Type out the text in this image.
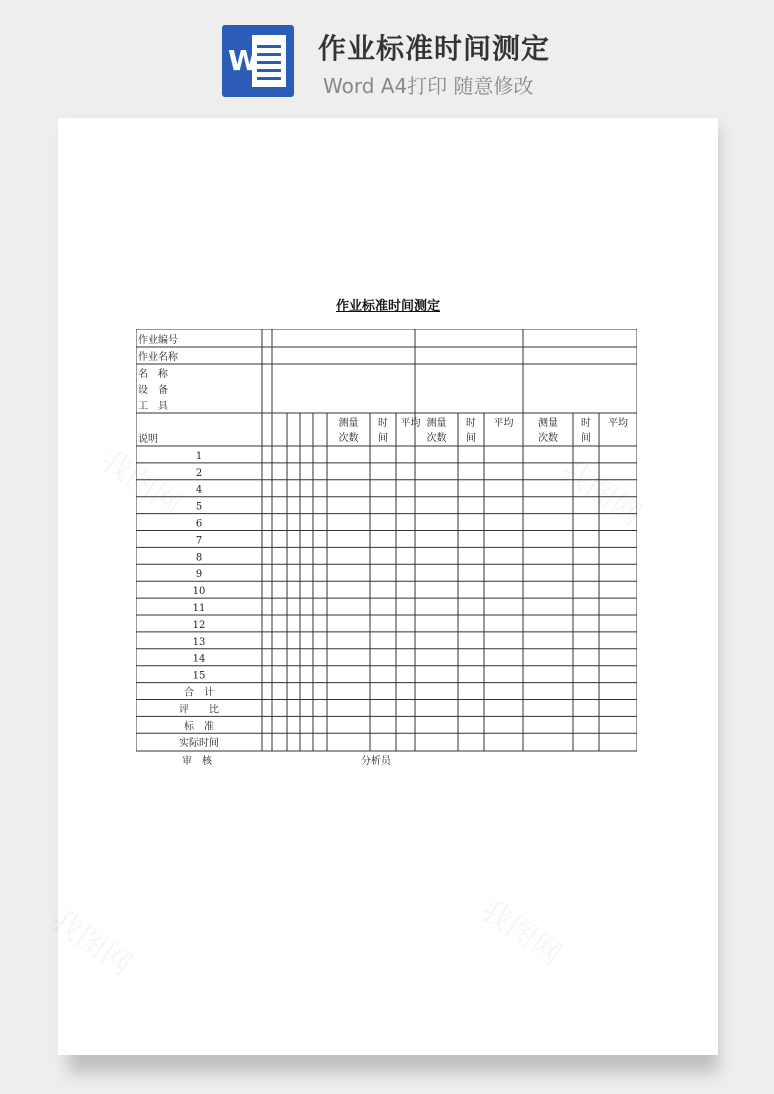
W 作业标准时间测定
Word A4打印 随意修改
作业标准时间测定
作业编号
作业名称
名　称
设　备
工　具
说明
测量
次数
时
间
平均 测量
次数
时
间
平均 测量
次数
时
间
平均
1
2
4
5
6
7
8
9
10
11
12
13
14
15
合　计
评　　比
标　准
实际时间
审　核	分析员
